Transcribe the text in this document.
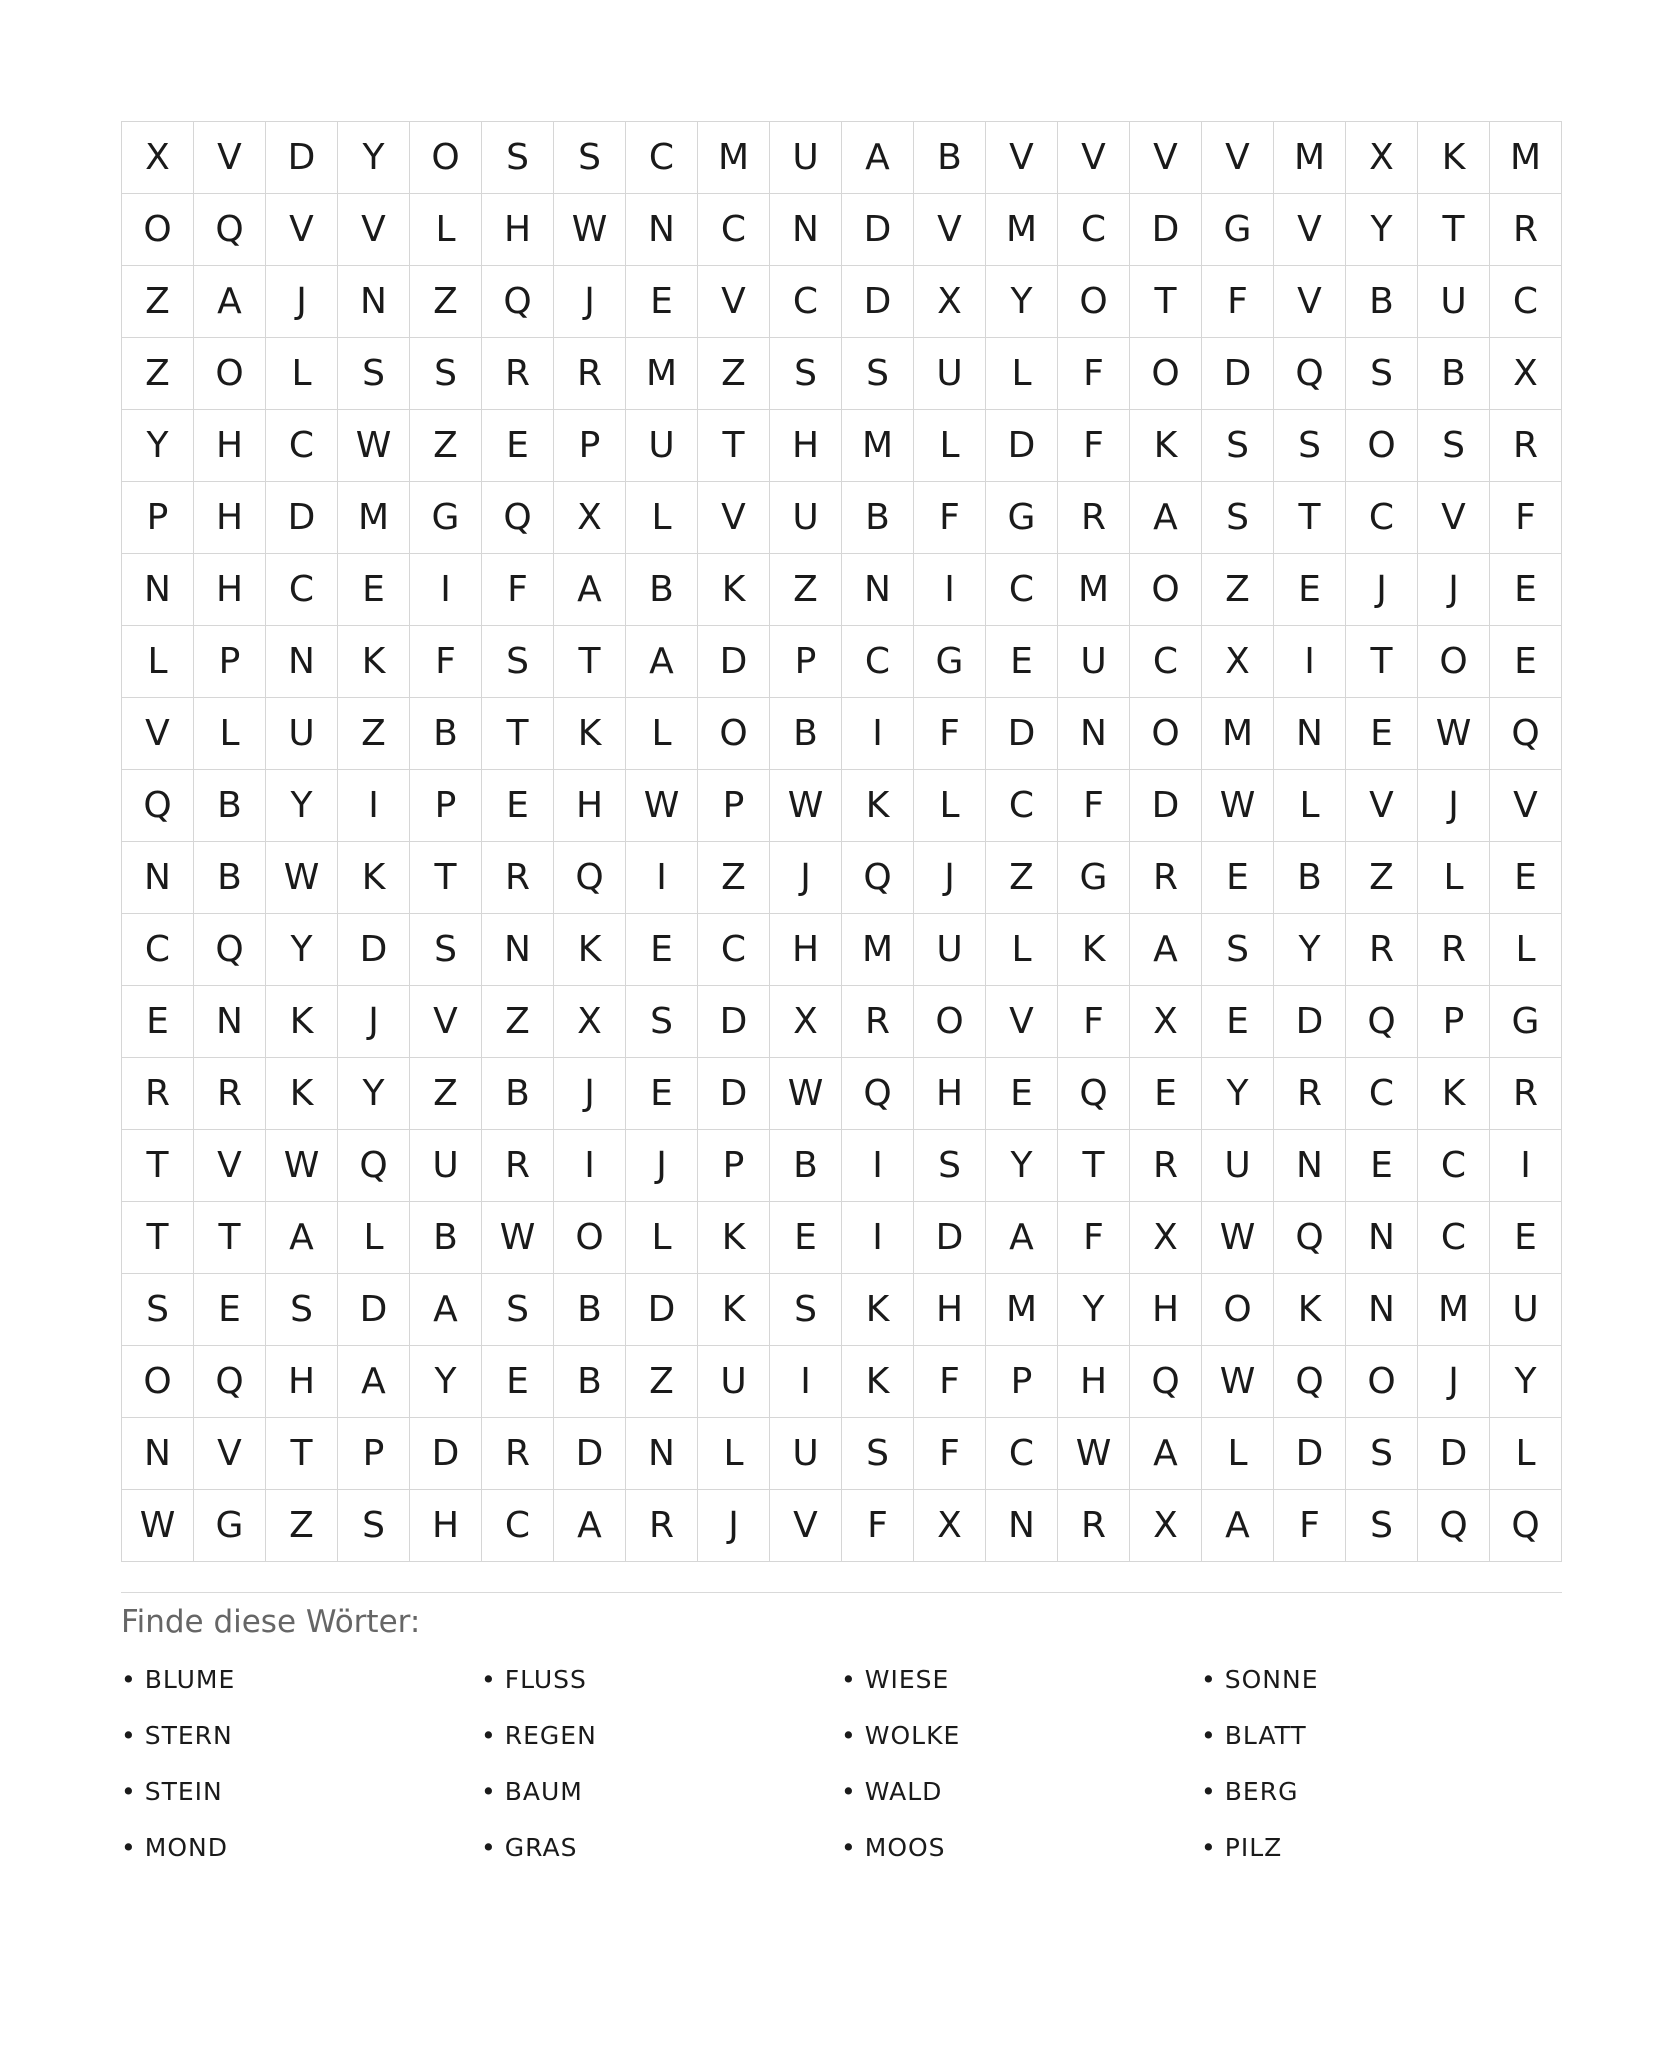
X	V	D	Y	O	S	S	C	M	U	A	B	V	V	V	V	M	X	K	M
O	Q	V	V	L	H	W	N	C	N	D	V	M	C	D	G	V	Y	T	R
Z	A	J	N	Z	Q	J	E	V	C	D	X	Y	O	T	F	V	B	U	C
Z	O	L	S	S	R	R	M	Z	S	S	U	L	F	O	D	Q	S	B	X
Y	H	C	W	Z	E	P	U	T	H	M	L	D	F	K	S	S	O	S	R
P	H	D	M	G	Q	X	L	V	U	B	F	G	R	A	S	T	C	V	F
N	H	C	E	I	F	A	B	K	Z	N	I	C	M	O	Z	E	J	J	E
L	P	N	K	F	S	T	A	D	P	C	G	E	U	C	X	I	T	O	E
V	L	U	Z	B	T	K	L	O	B	I	F	D	N	O	M	N	E	W	Q
Q	B	Y	I	P	E	H	W	P	W	K	L	C	F	D	W	L	V	J	V
N	B	W	K	T	R	Q	I	Z	J	Q	J	Z	G	R	E	B	Z	L	E
C	Q	Y	D	S	N	K	E	C	H	M	U	L	K	A	S	Y	R	R	L
E	N	K	J	V	Z	X	S	D	X	R	O	V	F	X	E	D	Q	P	G
R	R	K	Y	Z	B	J	E	D	W	Q	H	E	Q	E	Y	R	C	K	R
T	V	W	Q	U	R	I	J	P	B	I	S	Y	T	R	U	N	E	C	I
T	T	A	L	B	W	O	L	K	E	I	D	A	F	X	W	Q	N	C	E
S	E	S	D	A	S	B	D	K	S	K	H	M	Y	H	O	K	N	M	U
O	Q	H	A	Y	E	B	Z	U	I	K	F	P	H	Q	W	Q	O	J	Y
N	V	T	P	D	R	D	N	L	U	S	F	C	W	A	L	D	S	D	L
W	G	Z	S	H	C	A	R	J	V	F	X	N	R	X	A	F	S	Q	Q
Finde diese Wörter:
• BLUME	• FLUSS	• WIESE	• SONNE
• STERN	• REGEN	• WOLKE	• BLATT
• STEIN	• BAUM	• WALD	• BERG
• MOND	• GRAS	• MOOS	• PILZ
